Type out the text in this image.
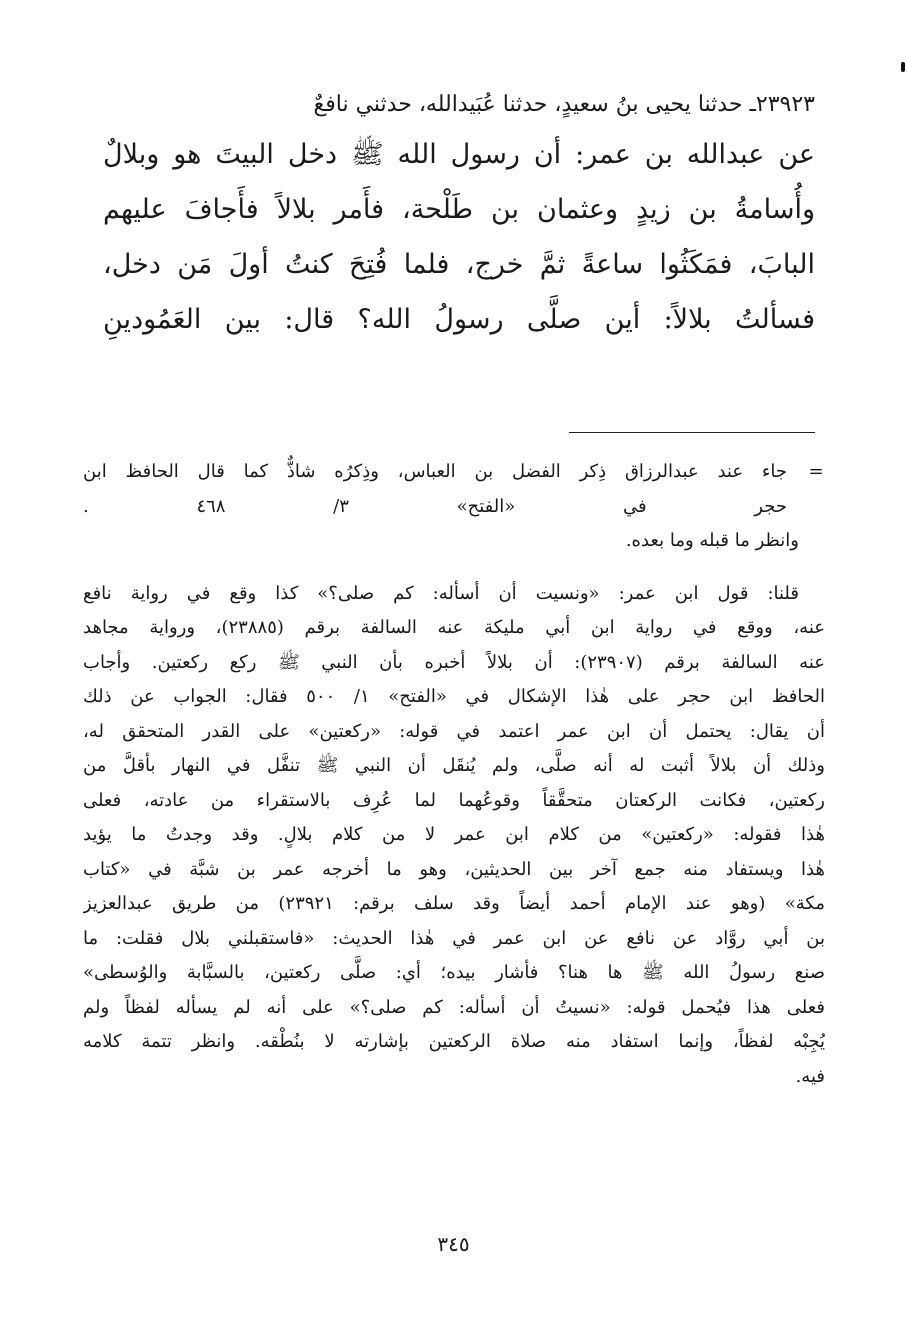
٢٣٩٢٣ـ حدثنا يحيى بنُ سعيدٍ، حدثنا عُبَيدالله، حدثني نافعٌ
عن عبدالله بن عمر: أن رسول الله ﷺ دخل البيتَ هو وبلالٌ
وأُسامةُ بن زيدٍ وعثمان بن طَلْحة، فأَمر بلالاً فأَجافَ عليهم
البابَ، فمَكَثُوا ساعةً ثمَّ خرج، فلما فُتِحَ كنتُ أولَ مَن دخل،
فسألتُ بلالاً: أين صلَّى رسولُ الله؟ قال: بين العَمُودينِ
=
جاء عند عبدالرزاق ذِكر الفضل بن العباس، وذِكرُه شاذٌّ كما قال الحافظ ابن
حجر في «الفتح» ٣/ ٤٦٨ .
وانظر ما قبله وما بعده.
قلنا: قول ابن عمر: «ونسيت أن أسأله: كم صلى؟» كذا وقع في رواية نافع
عنه، ووقع في رواية ابن أبي مليكة عنه السالفة برقم (٢٣٨٨٥)، ورواية مجاهد
عنه السالفة برقم (٢٣٩٠٧): أن بلالاً أخبره بأن النبي ﷺ ركع ركعتين. وأجاب
الحافظ ابن حجر على هٰذا الإشكال في «الفتح» ١/ ٥٠٠ فقال: الجواب عن ذلك
أن يقال: يحتمل أن ابن عمر اعتمد في قوله: «ركعتين» على القدر المتحقق له،
وذلك أن بلالاً أثبت له أنه صلَّى، ولم يُنقَل أن النبي ﷺ تنفَّل في النهار بأقلَّ من
ركعتين، فكانت الركعتان متحقَّقاً وقوعُهما لما عُرِف بالاستقراء من عادته، فعلى
هٰذا فقوله: «ركعتين» من كلام ابن عمر لا من كلام بلالٍ. وقد وجدتُ ما يؤيد
هٰذا ويستفاد منه جمع آخر بين الحديثين، وهو ما أخرجه عمر بن شبَّة في «كتاب
مكة» (وهو عند الإمام أحمد أيضاً وقد سلف برقم: ٢٣٩٢١) من طريق عبدالعزيز
بن أبي روَّاد عن نافع عن ابن عمر في هٰذا الحديث: «فاستقبلني بلال فقلت: ما
صنع رسولُ الله ﷺ ها هنا؟ فأشار بيده؛ أي: صلَّى ركعتين، بالسبَّابة والوُسطى»
فعلى هذا فيُحمل قوله: «نسيتُ أن أسأله: كم صلى؟» على أنه لم يسأله لفظاً ولم
يُجِبْه لفظاً، وإنما استفاد منه صلاة الركعتين بإشارته لا بنُطْقه. وانظر تتمة كلامه
فيه.
٣٤٥
